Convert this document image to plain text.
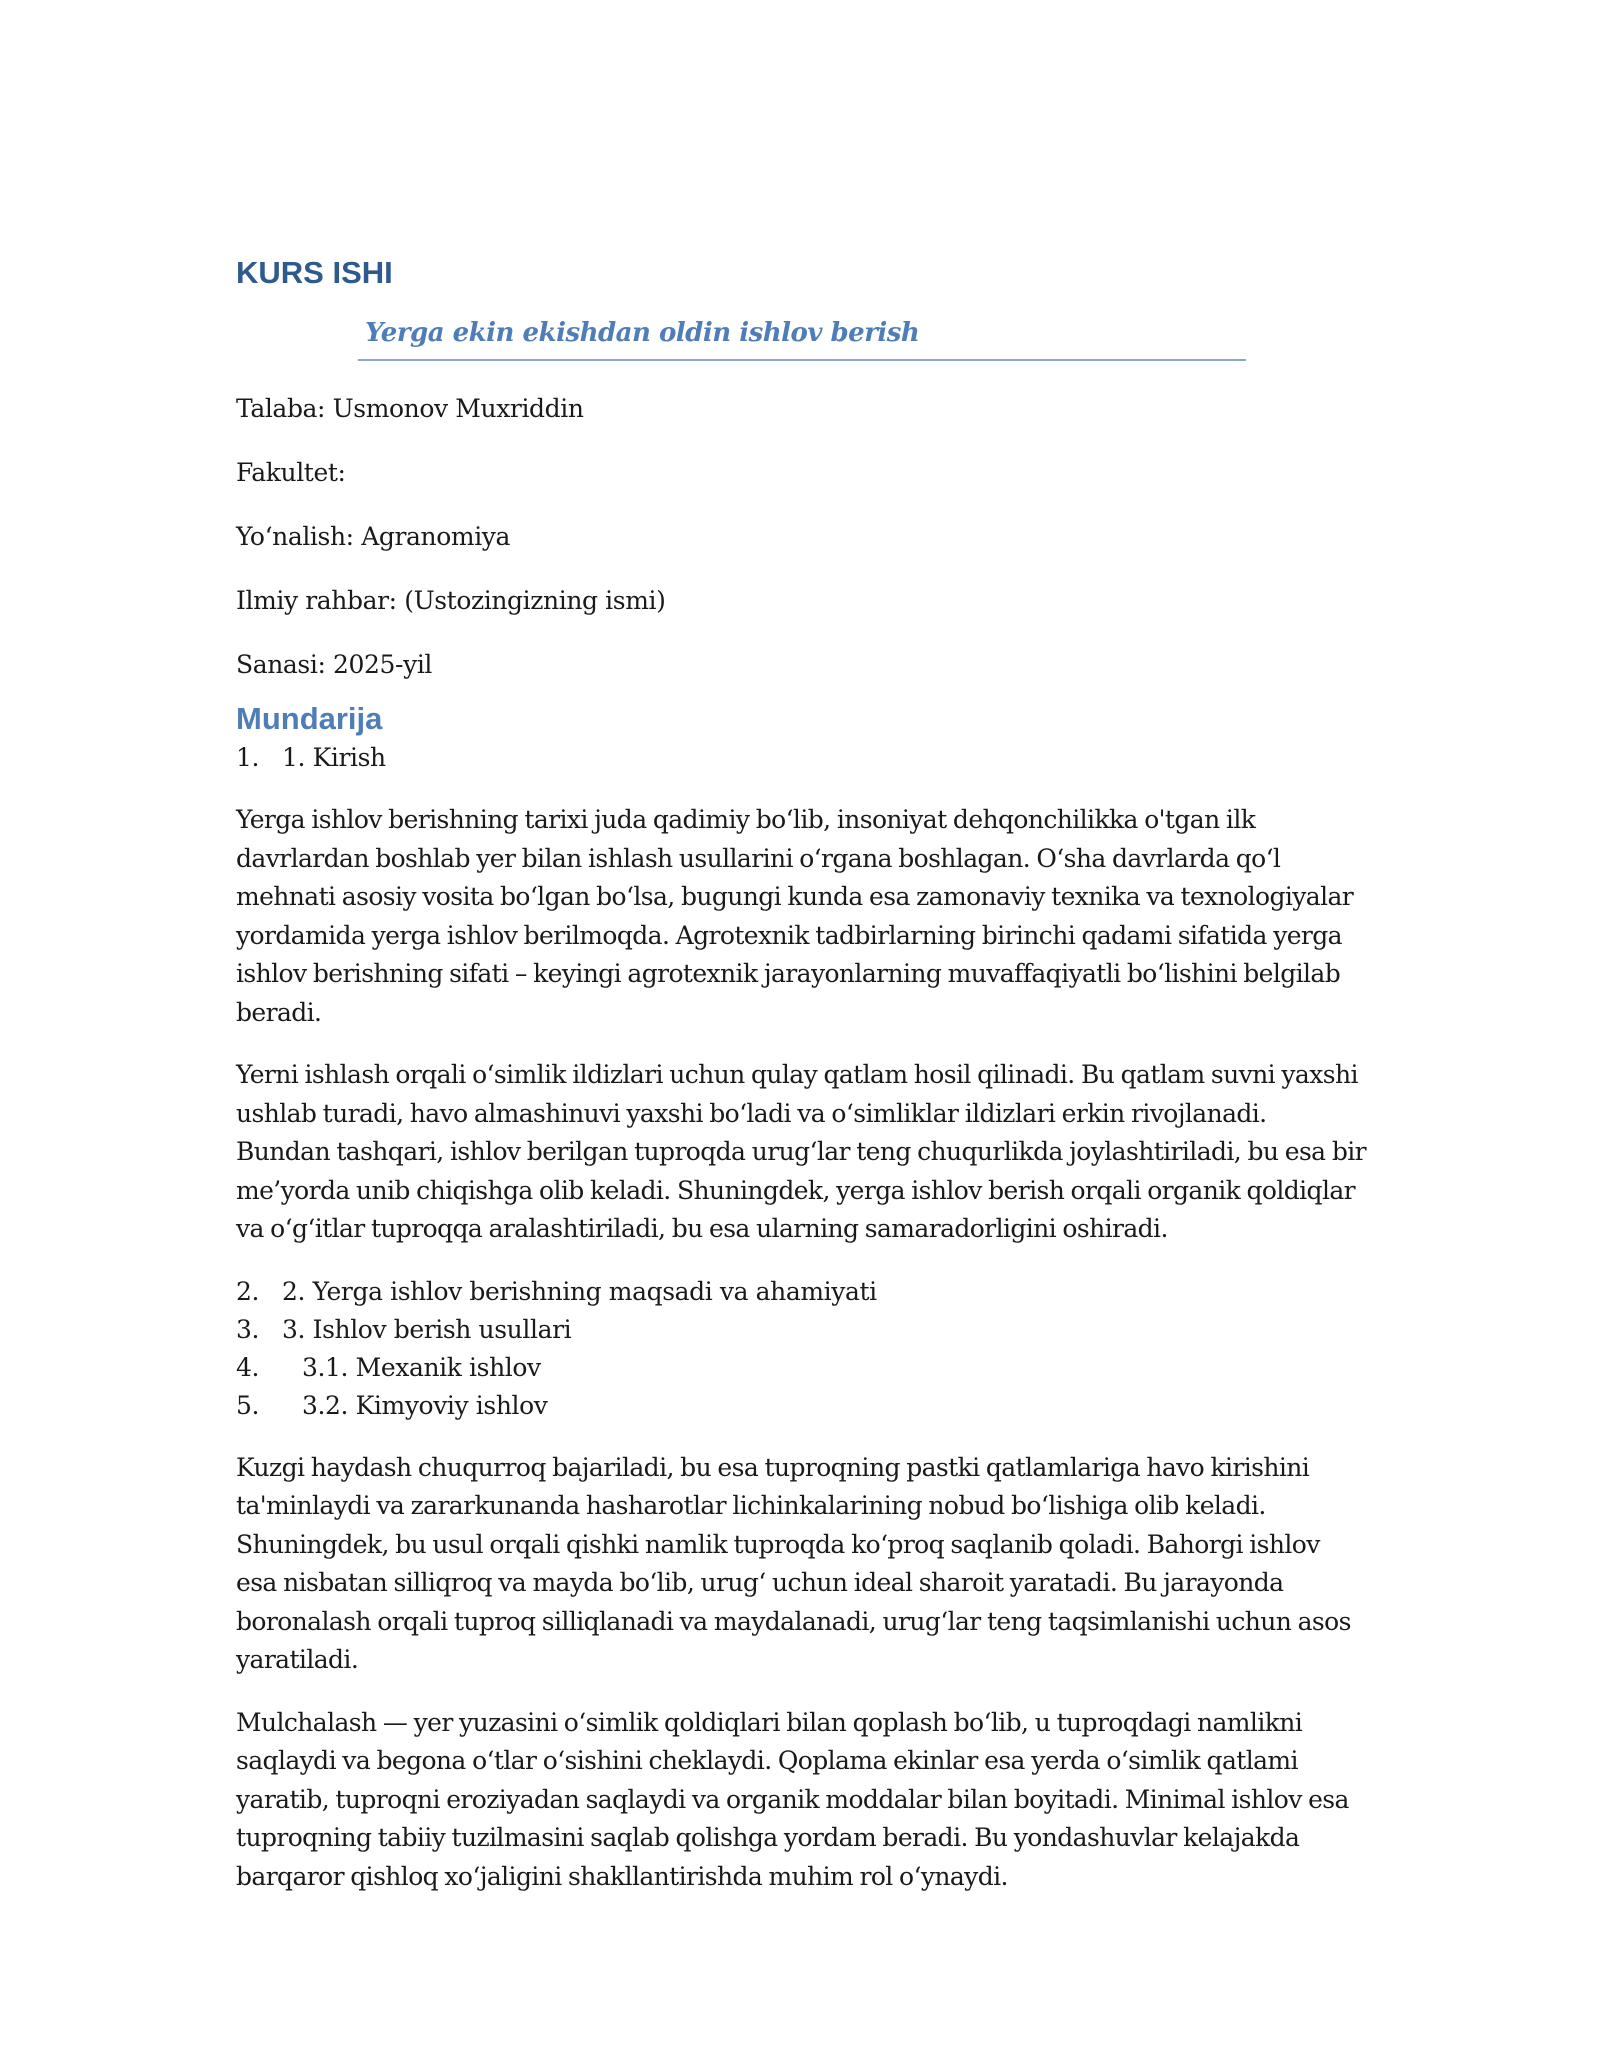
KURS ISHI

Yerga ekin ekishdan oldin ishlov berish

Talaba: Usmonov Muxriddin

Fakultet:

Yo‘nalish: Agranomiya

Ilmiy rahbar: (Ustozingizning ismi)

Sanasi: 2025-yil

Mundarija
1. 1. Kirish

Yerga ishlov berishning tarixi juda qadimiy bo‘lib, insoniyat dehqonchilikka o'tgan ilk davrlardan boshlab yer bilan ishlash usullarini o‘rgana boshlagan. O‘sha davrlarda qo‘l mehnati asosiy vosita bo‘lgan bo‘lsa, bugungi kunda esa zamonaviy texnika va texnologiyalar yordamida yerga ishlov berilmoqda. Agrotexnik tadbirlarning birinchi qadami sifatida yerga ishlov berishning sifati – keyingi agrotexnik jarayonlarning muvaffaqiyatli bo‘lishini belgilab beradi.

Yerni ishlash orqali o‘simlik ildizlari uchun qulay qatlam hosil qilinadi. Bu qatlam suvni yaxshi ushlab turadi, havo almashinuvi yaxshi bo‘ladi va o‘simliklar ildizlari erkin rivojlanadi. Bundan tashqari, ishlov berilgan tuproqda urug‘lar teng chuqurlikda joylashtiriladi, bu esa bir me’yorda unib chiqishga olib keladi. Shuningdek, yerga ishlov berish orqali organik qoldiqlar va o‘g‘itlar tuproqqa aralashtiriladi, bu esa ularning samaradorligini oshiradi.

2. 2. Yerga ishlov berishning maqsadi va ahamiyati
3. 3. Ishlov berish usullari
4.	3.1. Mexanik ishlov
5.	3.2. Kimyoviy ishlov

Kuzgi haydash chuqurroq bajariladi, bu esa tuproqning pastki qatlamlariga havo kirishini ta'minlaydi va zararkunanda hasharotlar lichinkalarining nobud bo‘lishiga olib keladi. Shuningdek, bu usul orqali qishki namlik tuproqda ko‘proq saqlanib qoladi. Bahorgi ishlov esa nisbatan silliqroq va mayda bo‘lib, urug‘ uchun ideal sharoit yaratadi. Bu jarayonda boronalash orqali tuproq silliqlanadi va maydalanadi, urug‘lar teng taqsimlanishi uchun asos yaratiladi.

Mulchalash — yer yuzasini o‘simlik qoldiqlari bilan qoplash bo‘lib, u tuproqdagi namlikni saqlaydi va begona o‘tlar o‘sishini cheklaydi. Qoplama ekinlar esa yerda o‘simlik qatlami yaratib, tuproqni eroziyadan saqlaydi va organik moddalar bilan boyitadi. Minimal ishlov esa tuproqning tabiiy tuzilmasini saqlab qolishga yordam beradi. Bu yondashuvlar kelajakda barqaror qishloq xo‘jaligini shakllantirishda muhim rol o‘ynaydi.
